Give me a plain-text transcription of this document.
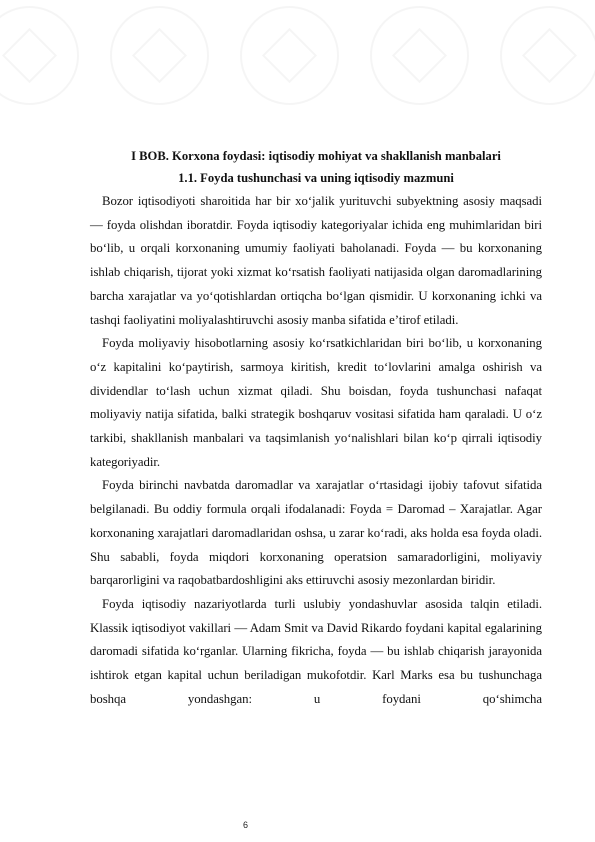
I BOB. Korxona foydasi: iqtisodiy mohiyat va shakllanish manbalari
1.1. Foyda tushunchasi va uning iqtisodiy mazmuni

Bozor iqtisodiyoti sharoitida har bir xo‘jalik yurituvchi subyektning asosiy maqsadi — foyda olishdan iboratdir. Foyda iqtisodiy kategoriyalar ichida eng muhimlaridan biri bo‘lib, u orqali korxonaning umumiy faoliyati baholanadi. Foyda — bu korxonaning ishlab chiqarish, tijorat yoki xizmat ko‘rsatish faoliyati natijasida olgan daromadlarining barcha xarajatlar va yo‘qotishlardan ortiqcha bo‘lgan qismidir. U korxonaning ichki va tashqi faoliyatini moliyalashtiruvchi asosiy manba sifatida e’tirof etiladi.

Foyda moliyaviy hisobotlarning asosiy ko‘rsatkichlaridan biri bo‘lib, u korxonaning o‘z kapitalini ko‘paytirish, sarmoya kiritish, kredit to‘lovlarini amalga oshirish va dividendlar to‘lash uchun xizmat qiladi. Shu boisdan, foyda tushunchasi nafaqat moliyaviy natija sifatida, balki strategik boshqaruv vositasi sifatida ham qaraladi. U o‘z tarkibi, shakllanish manbalari va taqsimlanish yo‘nalishlari bilan ko‘p qirrali iqtisodiy kategoriyadir.

Foyda birinchi navbatda daromadlar va xarajatlar o‘rtasidagi ijobiy tafovut sifatida belgilanadi. Bu oddiy formula orqali ifodalanadi: Foyda = Daromad – Xarajatlar. Agar korxonaning xarajatlari daromadlaridan oshsa, u zarar ko‘radi, aks holda esa foyda oladi. Shu sababli, foyda miqdori korxonaning operatsion samaradorligini, moliyaviy barqarorligini va raqobatbardoshligini aks ettiruvchi asosiy mezonlardan biridir.

Foyda iqtisodiy nazariyotlarda turli uslubiy yondashuvlar asosida talqin etiladi. Klassik iqtisodiyot vakillari — Adam Smit va David Rikardo foydani kapital egalarining daromadi sifatida ko‘rganlar. Ularning fikricha, foyda — bu ishlab chiqarish jarayonida ishtirok etgan kapital uchun beriladigan mukofotdir. Karl Marks esa bu tushunchaga boshqa yondashgan: u foydani qo‘shimcha

6
